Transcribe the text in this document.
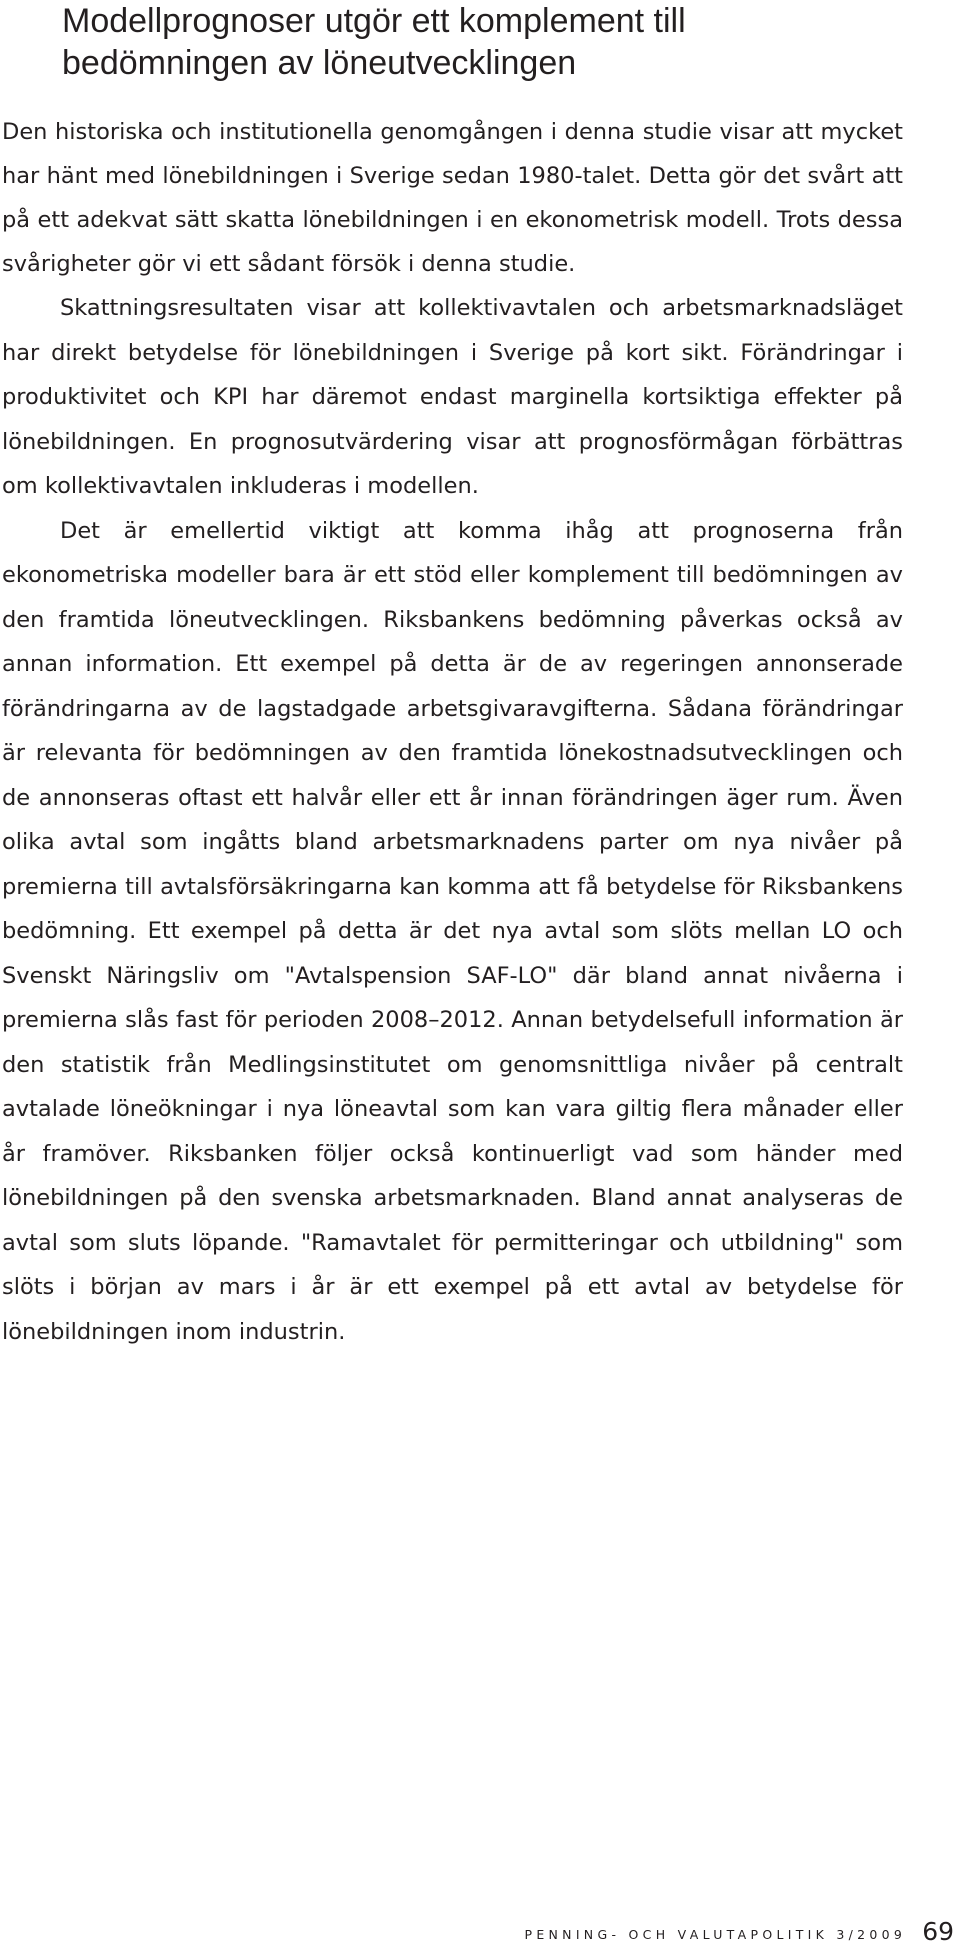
Modellprognoser utgör ett komplement till
bedömningen av löneutvecklingen

Den historiska och institutionella genomgången i denna studie visar att mycket har hänt med lönebildningen i Sverige sedan 1980-talet. Detta gör det svårt att på ett adekvat sätt skatta lönebildningen i en ekonometrisk modell. Trots dessa svårigheter gör vi ett sådant försök i denna studie.

Skattningsresultaten visar att kollektivavtalen och arbetsmarknadsläget har direkt betydelse för lönebildningen i Sverige på kort sikt. Förändringar i produktivitet och KPI har däremot endast marginella kortsiktiga effekter på lönebildningen. En prognosutvärdering visar att prognosförmågan förbättras om kollektivavtalen inkluderas i modellen.

Det är emellertid viktigt att komma ihåg att prognoserna från ekonometriska modeller bara är ett stöd eller komplement till bedömningen av den framtida löneutvecklingen. Riksbankens bedömning påverkas också av annan information. Ett exempel på detta är de av regeringen annonserade förändringarna av de lagstadgade arbetsgivaravgifterna. Sådana förändringar är relevanta för bedömningen av den framtida lönekostnadsutvecklingen och de annonseras oftast ett halvår eller ett år innan förändringen äger rum. Även olika avtal som ingåtts bland arbetsmarknadens parter om nya nivåer på premierna till avtalsförsäkringarna kan komma att få betydelse för Riksbankens bedömning. Ett exempel på detta är det nya avtal som slöts mellan LO och Svenskt Näringsliv om "Avtalspension SAF-LO" där bland annat nivåerna i premierna slås fast för perioden 2008–2012. Annan betydelsefull information är den statistik från Medlingsinstitutet om genomsnittliga nivåer på centralt avtalade löneökningar i nya löneavtal som kan vara giltig flera månader eller år framöver. Riksbanken följer också kontinuerligt vad som händer med lönebildningen på den svenska arbetsmarknaden. Bland annat analyseras de avtal som sluts löpande. "Ramavtalet för permitteringar och utbildning" som slöts i början av mars i år är ett exempel på ett avtal av betydelse för lönebildningen inom industrin.

PENNING- OCH VALUTAPOLITIK 3/2009 69
